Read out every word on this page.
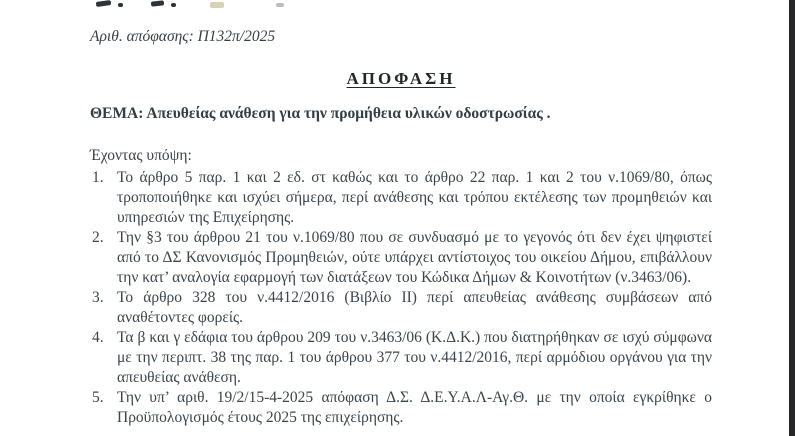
Αριθ. απόφασης: Π132π/2025
ΑΠΟΦΑΣΗ
ΘΕΜΑ: Απευθείας ανάθεση για την προμήθεια υλικών οδοστρωσίας .
Έχοντας υπόψη:
1. Το άρθρο 5 παρ. 1 και 2 εδ. στ καθώς και το άρθρο 22 παρ. 1 και 2 του ν.1069/80, όπως τροποποιήθηκε και ισχύει σήμερα, περί ανάθεσης και τρόπου εκτέλεσης των προμηθειών και υπηρεσιών της Επιχείρησης.
2. Την §3 του άρθρου 21 του ν.1069/80 που σε συνδυασμό με το γεγονός ότι δεν έχει ψηφιστεί από το ΔΣ Κανονισμός Προμηθειών, ούτε υπάρχει αντίστοιχος του οικείου Δήμου, επιβάλλουν την κατ’ αναλογία εφαρμογή των διατάξεων του Κώδικα Δήμων & Κοινοτήτων (ν.3463/06).
3. Το άρθρο 328 του ν.4412/2016 (Βιβλίο ΙΙ) περί απευθείας ανάθεσης συμβάσεων από αναθέτοντες φορείς.
4. Τα β και γ εδάφια του άρθρου 209 του ν.3463/06 (Κ.Δ.Κ.) που διατηρήθηκαν σε ισχύ σύμφωνα με την περιπτ. 38 της παρ. 1 του άρθρου 377 του ν.4412/2016, περί αρμόδιου οργάνου για την απευθείας ανάθεση.
5. Την υπ’ αριθ. 19/2/15-4-2025 απόφαση Δ.Σ. Δ.Ε.Υ.Α.Λ-Αγ.Θ. με την οποία εγκρίθηκε ο Προϋπολογισμός έτους 2025 της επιχείρησης.
